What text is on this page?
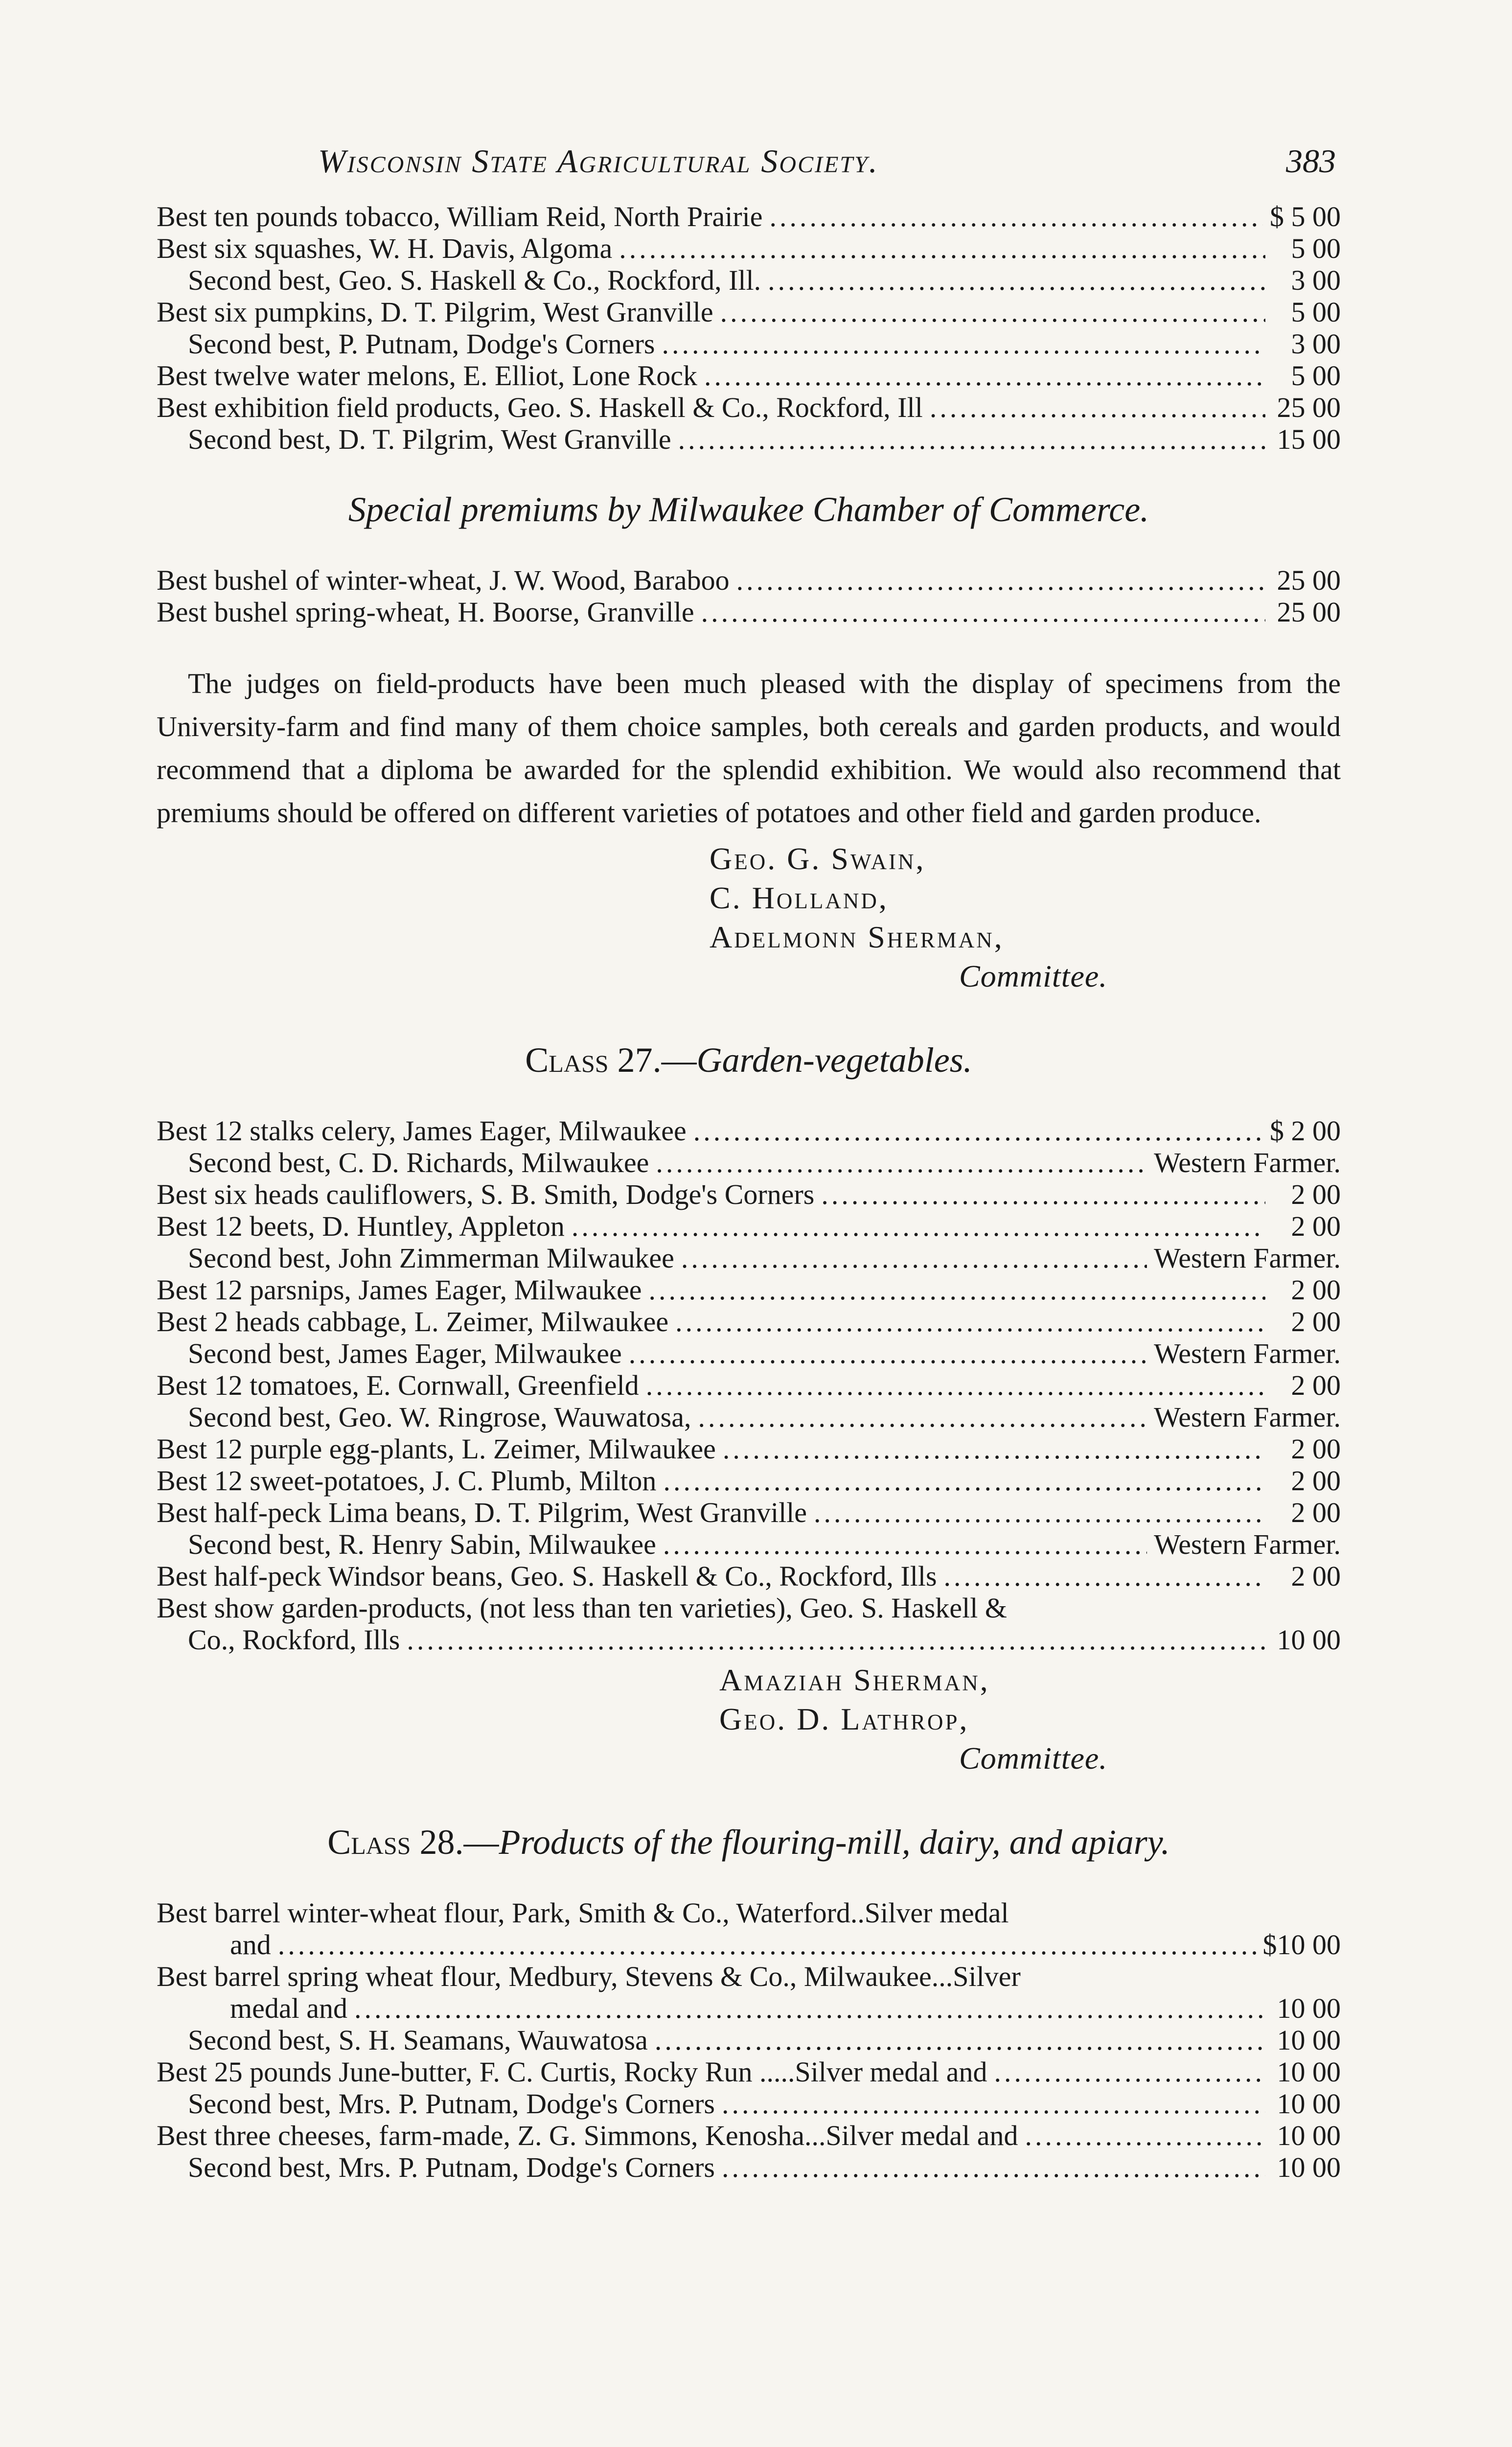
Wisconsin State Agricultural Society.	383
Best ten pounds tobacco, William Reid, North Prairie .....	$ 5 00
Best six squashes, W. H. Davis, Algoma .....	5 00
Second best, Geo. S. Haskell & Co., Rockford, Ill. .....	3 00
Best six pumpkins, D. T. Pilgrim, West Granville .....	5 00
Second best, P. Putnam, Dodge's Corners .....	3 00
Best twelve water melons, E. Elliot, Lone Rock .....	5 00
Best exhibition field products, Geo. S. Haskell & Co., Rockford, Ill .....	25 00
Second best, D. T. Pilgrim, West Granville .....	15 00
Special premiums by Milwaukee Chamber of Commerce.
Best bushel of winter-wheat, J. W. Wood, Baraboo .....	25 00
Best bushel spring-wheat, H. Boorse, Granville .....	25 00
The judges on field-products have been much pleased with the display of specimens from the University-farm and find many of them choice samples, both cereals and garden products, and would recommend that a diploma be awarded for the splendid exhibition. We would also recommend that premiums should be offered on different varieties of potatoes and other field and garden produce.
Geo. G. Swain,
C. Holland,
Adelmonn Sherman,
Committee.
Class 27.—Garden-vegetables.
Best 12 stalks celery, James Eager, Milwaukee .....	$ 2 00
Second best, C. D. Richards, Milwaukee .....	Western Farmer.
Best six heads cauliflowers, S. B. Smith, Dodge's Corners .....	2 00
Best 12 beets, D. Huntley, Appleton .....	2 00
Second best, John Zimmerman Milwaukee .....	Western Farmer.
Best 12 parsnips, James Eager, Milwaukee .....	2 00
Best 2 heads cabbage, L. Zeimer, Milwaukee .....	2 00
Second best, James Eager, Milwaukee .....	Western Farmer.
Best 12 tomatoes, E. Cornwall, Greenfield .....	2 00
Second best, Geo. W. Ringrose, Wauwatosa, .....	Western Farmer.
Best 12 purple egg-plants, L. Zeimer, Milwaukee .....	2 00
Best 12 sweet-potatoes, J. C. Plumb, Milton .....	2 00
Best half-peck Lima beans, D. T. Pilgrim, West Granville .....	2 00
Second best, R. Henry Sabin, Milwaukee .....	Western Farmer.
Best half-peck Windsor beans, Geo. S. Haskell & Co., Rockford, Ills .....	2 00
Best show garden-products, (not less than ten varieties), Geo. S. Haskell &
Co., Rockford, Ills .....	10 00
Amaziah Sherman,
Geo. D. Lathrop,
Committee.
Class 28.—Products of the flouring-mill, dairy, and apiary.
Best barrel winter-wheat flour, Park, Smith & Co., Waterford..Silver medal
and .....	$10 00
Best barrel spring wheat flour, Medbury, Stevens & Co., Milwaukee...Silver
medal and .....	10 00
Second best, S. H. Seamans, Wauwatosa .....	10 00
Best 25 pounds June-butter, F. C. Curtis, Rocky Run .....Silver medal and .....	10 00
Second best, Mrs. P. Putnam, Dodge's Corners .....	10 00
Best three cheeses, farm-made, Z. G. Simmons, Kenosha...Silver medal and .....	10 00
Second best, Mrs. P. Putnam, Dodge's Corners .....	10 00
